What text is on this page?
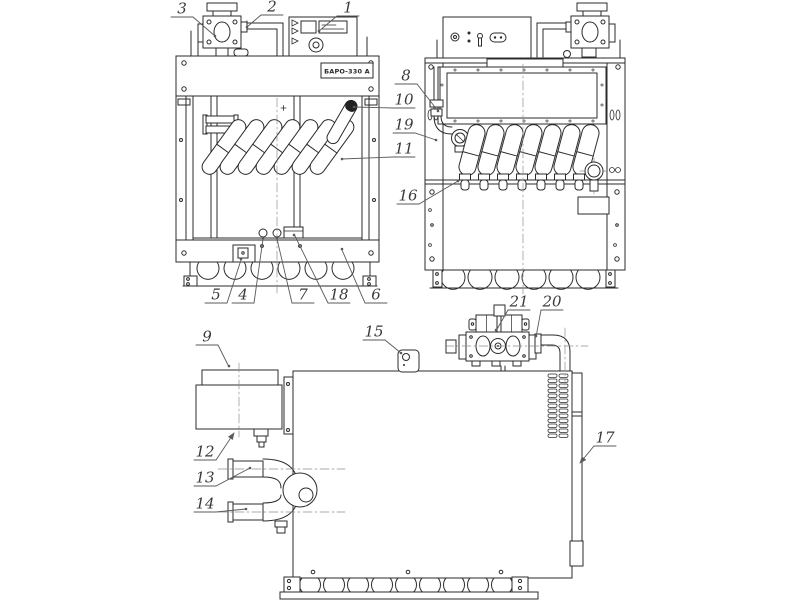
БАРО-330 А
1
2
3
4
5	6
7
8
9
10
11
12
13
14
15
16
17
18
19
20
21
